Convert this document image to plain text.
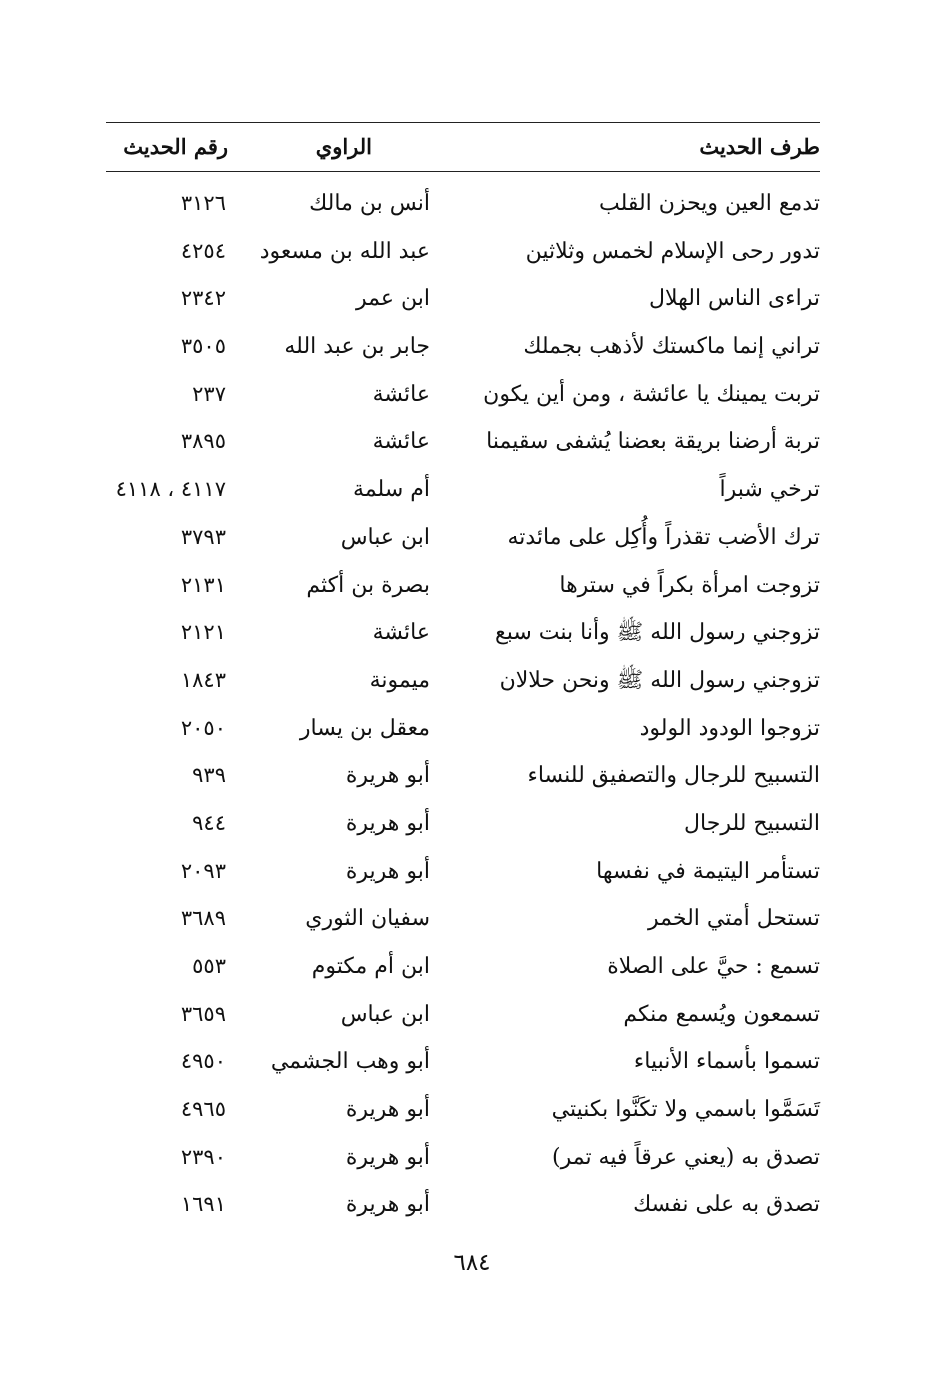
طرف الحديث
الراوي
رقم الحديث
تدمع العين ويحزن القلب
أنس بن مالك
٣١٢٦
تدور رحى الإسلام لخمس وثلاثين
عبد الله بن مسعود
٤٢٥٤
تراءى الناس الهلال
ابن عمر
٢٣٤٢
تراني إنما ماكستك لأذهب بجملك
جابر بن عبد الله
٣٥٠٥
تربت يمينك يا عائشة ، ومن أين يكون
عائشة
٢٣٧
تربة أرضنا بريقة بعضنا يُشفى سقيمنا
عائشة
٣٨٩٥
ترخي شبراً
أم سلمة
٤١١٧ ، ٤١١٨
ترك الأضب تقذراً وأُكِل على مائدته
ابن عباس
٣٧٩٣
تزوجت امرأة بكراً في سترها
بصرة بن أكثم
٢١٣١
تزوجني رسول الله ﷺ وأنا بنت سبع
عائشة
٢١٢١
تزوجني رسول الله ﷺ ونحن حلالان
ميمونة
١٨٤٣
تزوجوا الودود الولود
معقل بن يسار
٢٠٥٠
التسبيح للرجال والتصفيق للنساء
أبو هريرة
٩٣٩
التسبيح للرجال
أبو هريرة
٩٤٤
تستأمر اليتيمة في نفسها
أبو هريرة
٢٠٩٣
تستحل أمتي الخمر
سفيان الثوري
٣٦٨٩
تسمع : حيَّ على الصلاة
ابن أم مكتوم
٥٥٣
تسمعون ويُسمع منكم
ابن عباس
٣٦٥٩
تسموا بأسماء الأنبياء
أبو وهب الجشمي
٤٩٥٠
تَسَمَّوا باسمي ولا تكَنَّوا بكنيتي
أبو هريرة
٤٩٦٥
تصدق به (يعني عرقاً فيه تمر)
أبو هريرة
٢٣٩٠
تصدق به على نفسك
أبو هريرة
١٦٩١
٦٨٤
